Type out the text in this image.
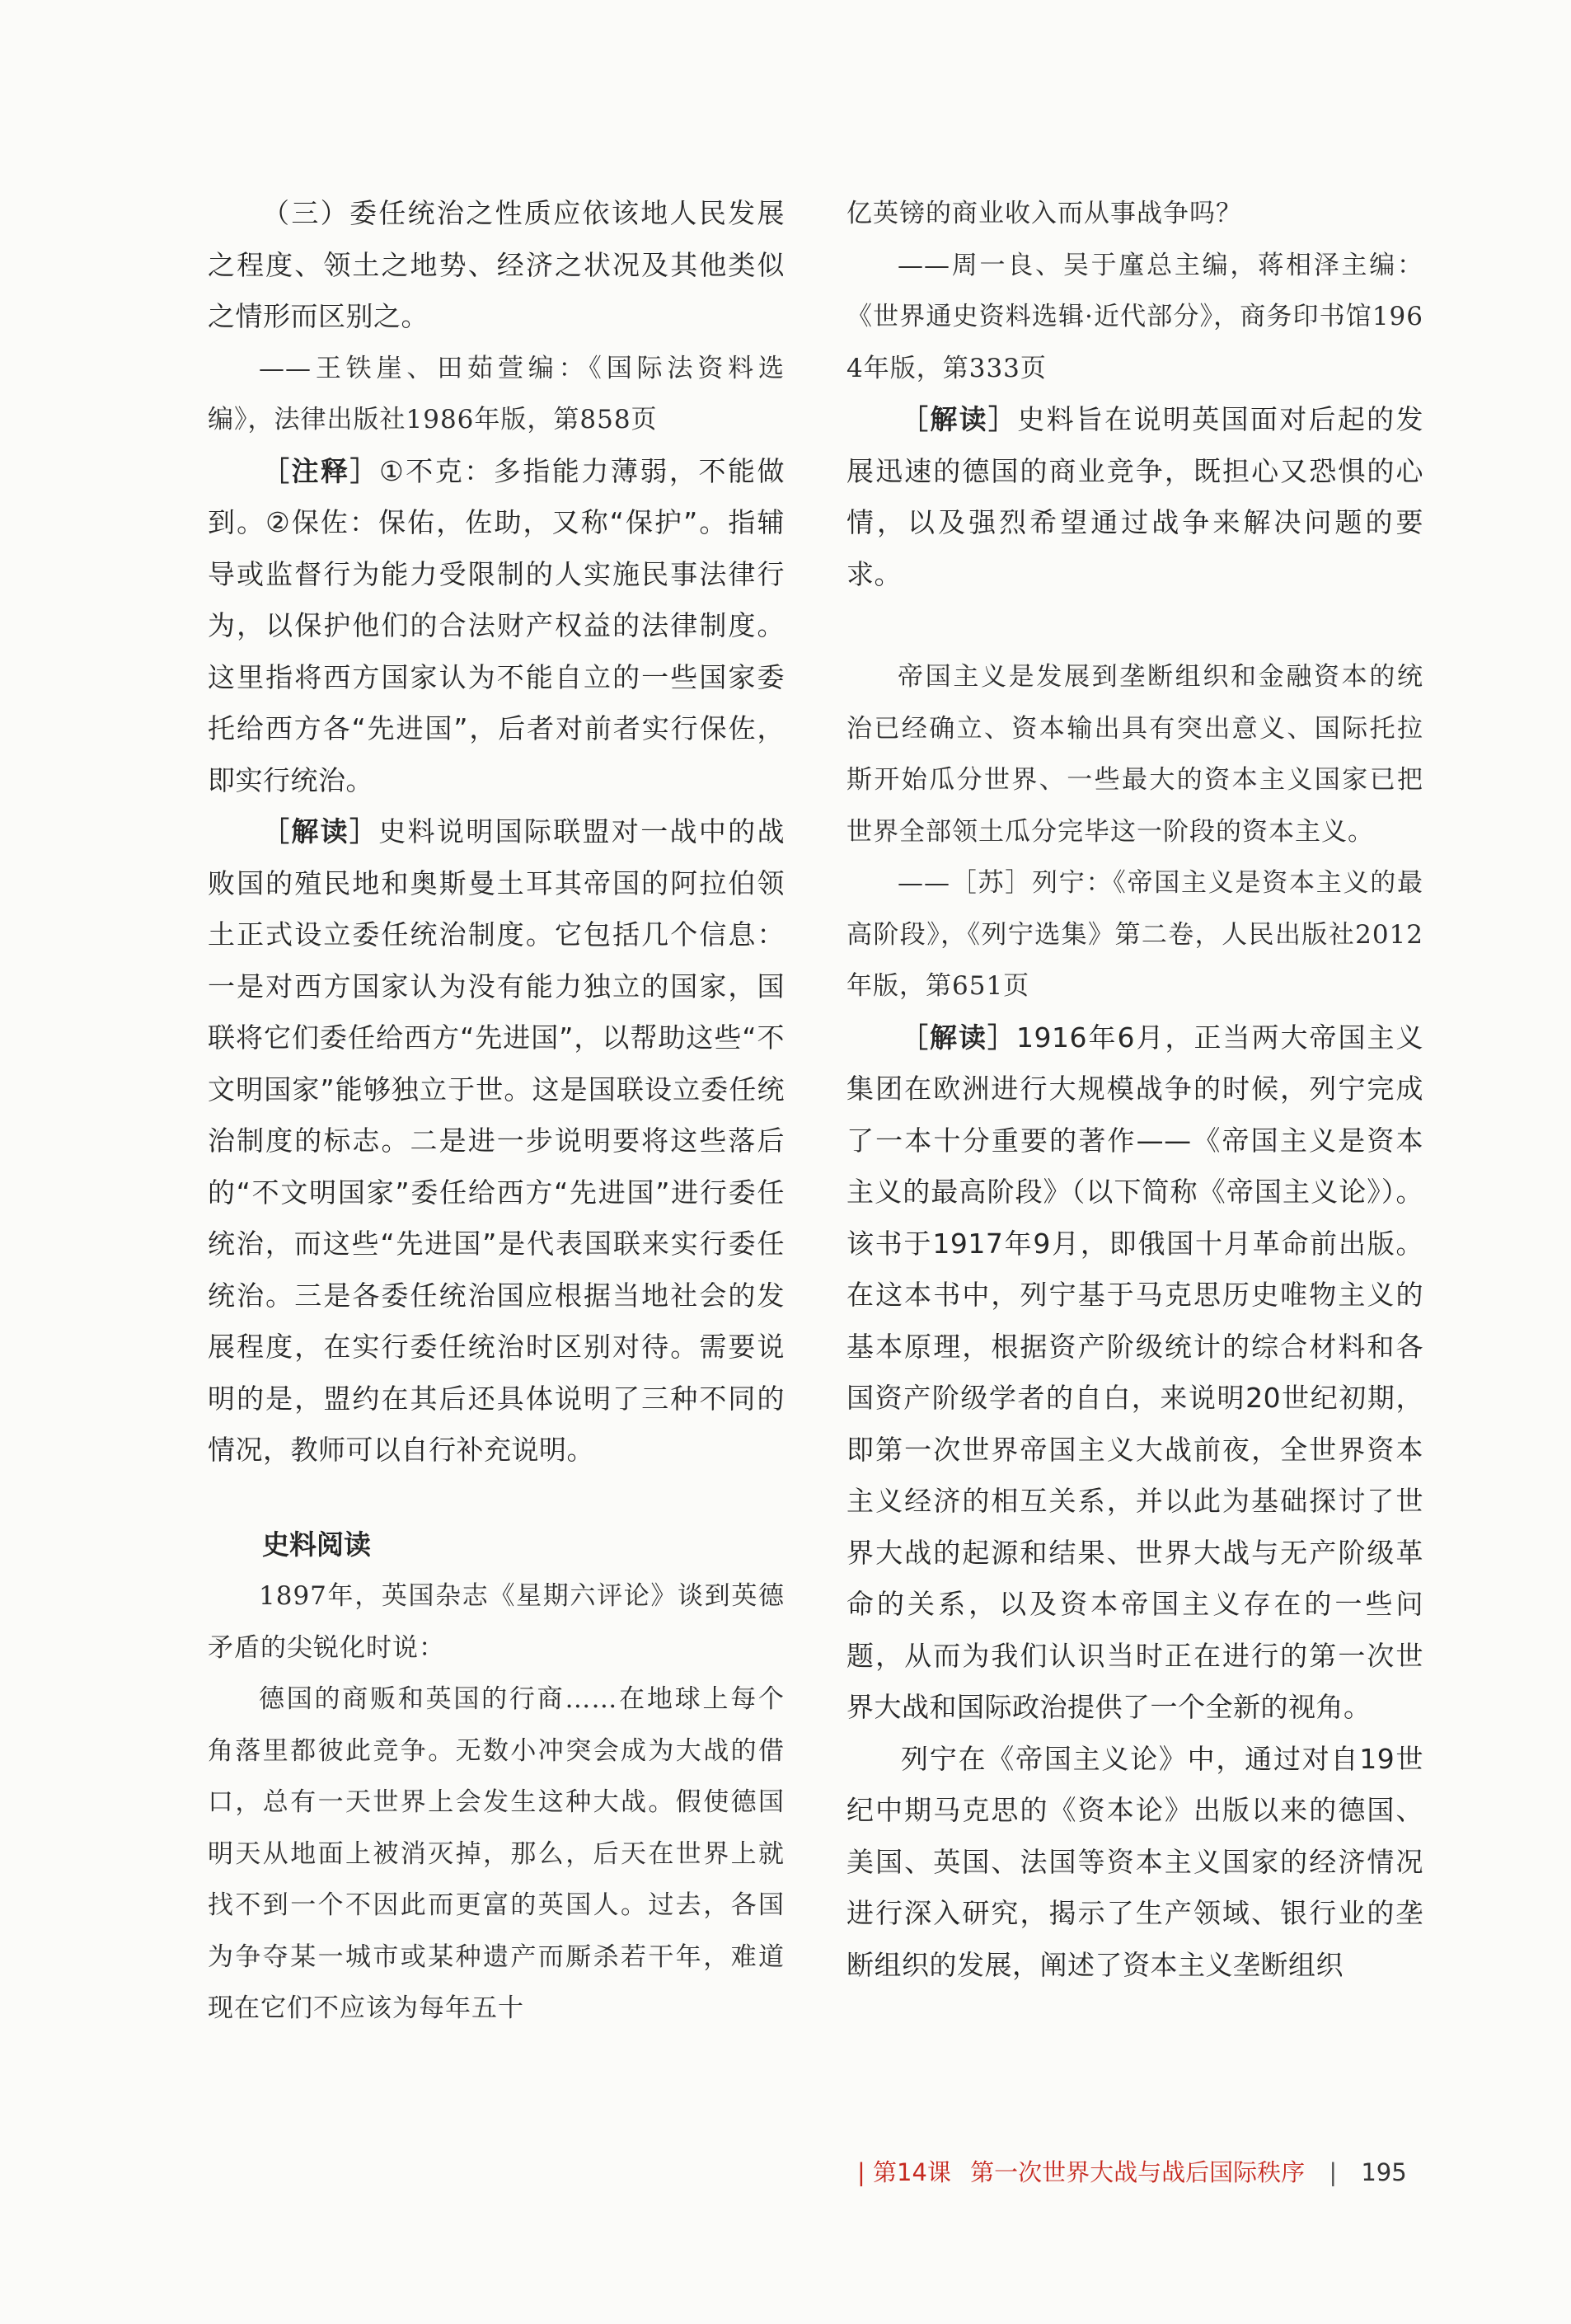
（三）委任统治之性质应依该地人民发展之程度、领土之地势、经济之状况及其他类似之情形而区别之。

——王铁崖、田茹萱编：《国际法资料选编》，法律出版社1986年版，第858页

［注释］①不克：多指能力薄弱，不能做到。②保佐：保佑，佐助，又称“保护”。指辅导或监督行为能力受限制的人实施民事法律行为，以保护他们的合法财产权益的法律制度。这里指将西方国家认为不能自立的一些国家委托给西方各“先进国”，后者对前者实行保佐，即实行统治。

［解读］史料说明国际联盟对一战中的战败国的殖民地和奥斯曼土耳其帝国的阿拉伯领土正式设立委任统治制度。它包括几个信息：一是对西方国家认为没有能力独立的国家，国联将它们委任给西方“先进国”，以帮助这些“不文明国家”能够独立于世。这是国联设立委任统治制度的标志。二是进一步说明要将这些落后的“不文明国家”委任给西方“先进国”进行委任统治，而这些“先进国”是代表国联来实行委任统治。三是各委任统治国应根据当地社会的发展程度，在实行委任统治时区别对待。需要说明的是，盟约在其后还具体说明了三种不同的情况，教师可以自行补充说明。

史料阅读

1897年，英国杂志《星期六评论》谈到英德矛盾的尖锐化时说：

德国的商贩和英国的行商……在地球上每个角落里都彼此竞争。无数小冲突会成为大战的借口，总有一天世界上会发生这种大战。假使德国明天从地面上被消灭掉，那么，后天在世界上就找不到一个不因此而更富的英国人。过去，各国为争夺某一城市或某种遗产而厮杀若干年，难道现在它们不应该为每年五十

亿英镑的商业收入而从事战争吗？

——周一良、吴于廑总主编，蒋相泽主编：《世界通史资料选辑·近代部分》，商务印书馆1964年版，第333页

［解读］史料旨在说明英国面对后起的发展迅速的德国的商业竞争，既担心又恐惧的心情，以及强烈希望通过战争来解决问题的要求。

帝国主义是发展到垄断组织和金融资本的统治已经确立、资本输出具有突出意义、国际托拉斯开始瓜分世界、一些最大的资本主义国家已把世界全部领土瓜分完毕这一阶段的资本主义。

——［苏］列宁：《帝国主义是资本主义的最高阶段》，《列宁选集》第二卷，人民出版社2012年版，第651页

［解读］1916年6月，正当两大帝国主义集团在欧洲进行大规模战争的时候，列宁完成了一本十分重要的著作——《帝国主义是资本主义的最高阶段》（以下简称《帝国主义论》）。该书于1917年9月，即俄国十月革命前出版。在这本书中，列宁基于马克思历史唯物主义的基本原理，根据资产阶级统计的综合材料和各国资产阶级学者的自白，来说明20世纪初期，即第一次世界帝国主义大战前夜，全世界资本主义经济的相互关系，并以此为基础探讨了世界大战的起源和结果、世界大战与无产阶级革命的关系，以及资本帝国主义存在的一些问题，从而为我们认识当时正在进行的第一次世界大战和国际政治提供了一个全新的视角。

列宁在《帝国主义论》中，通过对自19世纪中期马克思的《资本论》出版以来的德国、美国、英国、法国等资本主义国家的经济情况进行深入研究，揭示了生产领域、银行业的垄断组织的发展，阐述了资本主义垄断组织

| 第14课 第一次世界大战与战后国际秩序 | 195
